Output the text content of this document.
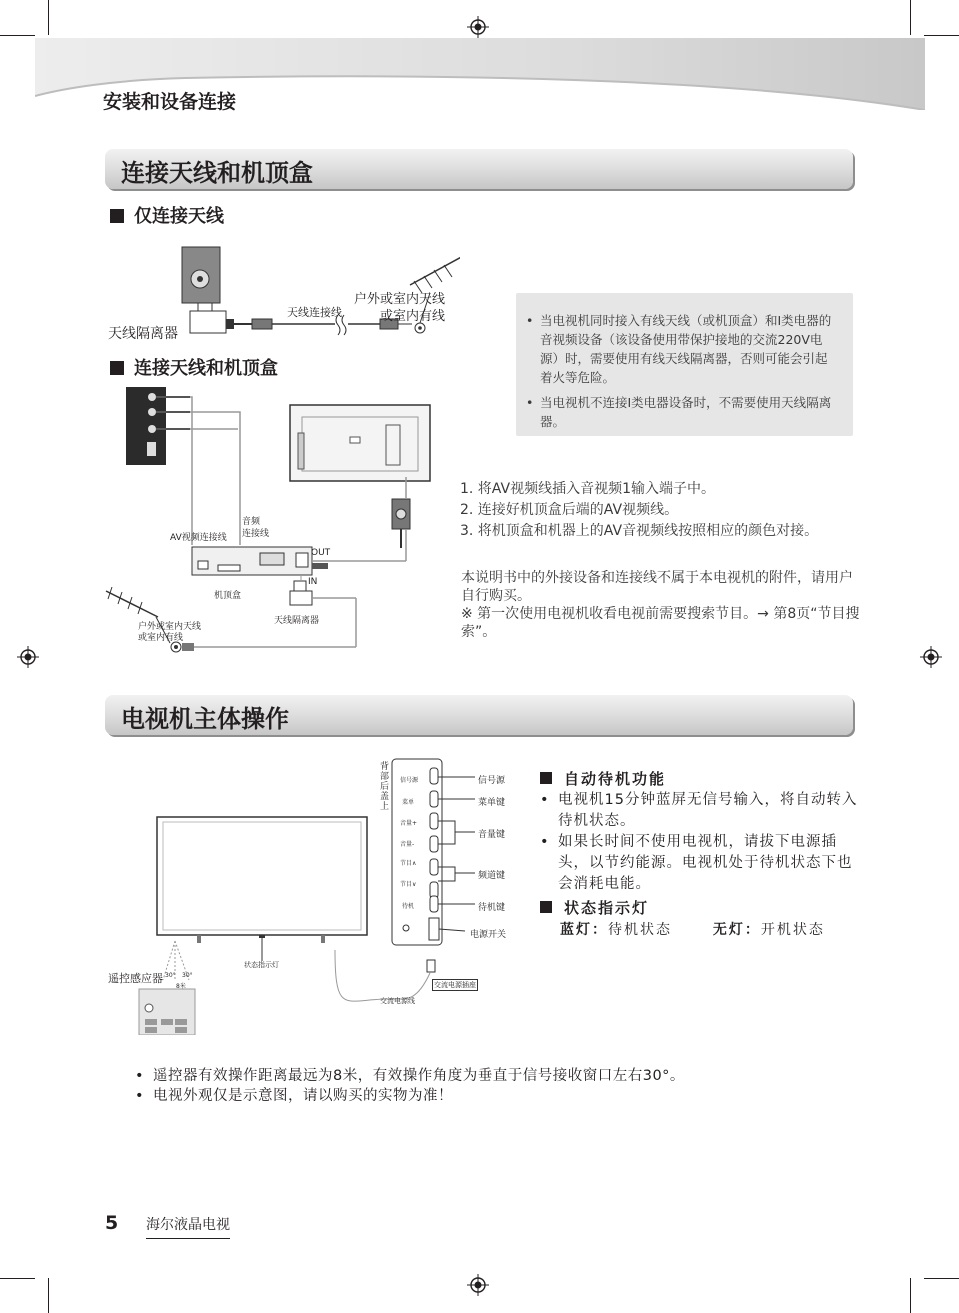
安装和设备连接
连接天线和机顶盒
仅连接天线
连接天线和机顶盒
天线隔离器
天线连接线
户外或室内天线
或室内有线
•	当电视机同时接入有线天线（或机顶盒）和I类电器的音视频设备（该设备使用带保护接地的交流220V电源）时，需要使用有线天线隔离器，否则可能会引起着火等危险。
• 当电视机不连接I类电器设备时，不需要使用天线隔离器。
AV视频连接线
音频
连接线
OUT
IN
机顶盒
天线隔离器
户外或室内天线
或室内有线
1. 将AV视频线插入音视频1输入端子中。
2. 连接好机顶盒后端的AV视频线。
3. 将机顶盒和机器上的AV音视频线按照相应的颜色对接。
本说明书中的外接设备和连接线不属于本电视机的附件，请用户自行购买。
※ 第一次使用电视机收看电视前需要搜索节目。→ 第8页“节目搜索”。
电视机主体操作
背部后盖上
信号源
菜单
音量+
音量-
节目∧
节目∨
待机
信号源
菜单键
音量键
频道键
待机键
电源开关
遥控感应器
状态指示灯
30° 30°
8米
交流电源线
交流电源插座
自动待机功能
• 电视机15分钟蓝屏无信号输入，将自动转入待机状态。
• 如果长时间不使用电视机，请拔下电源插头，以节约能源。电视机处于待机状态下也会消耗电能。
状态指示灯
蓝灯：待机状态	无灯：开机状态
• 遥控器有效操作距离最远为8米，有效操作角度为垂直于信号接收窗口左右30°。
• 电视外观仅是示意图，请以购买的实物为准！
5 海尔液晶电视
